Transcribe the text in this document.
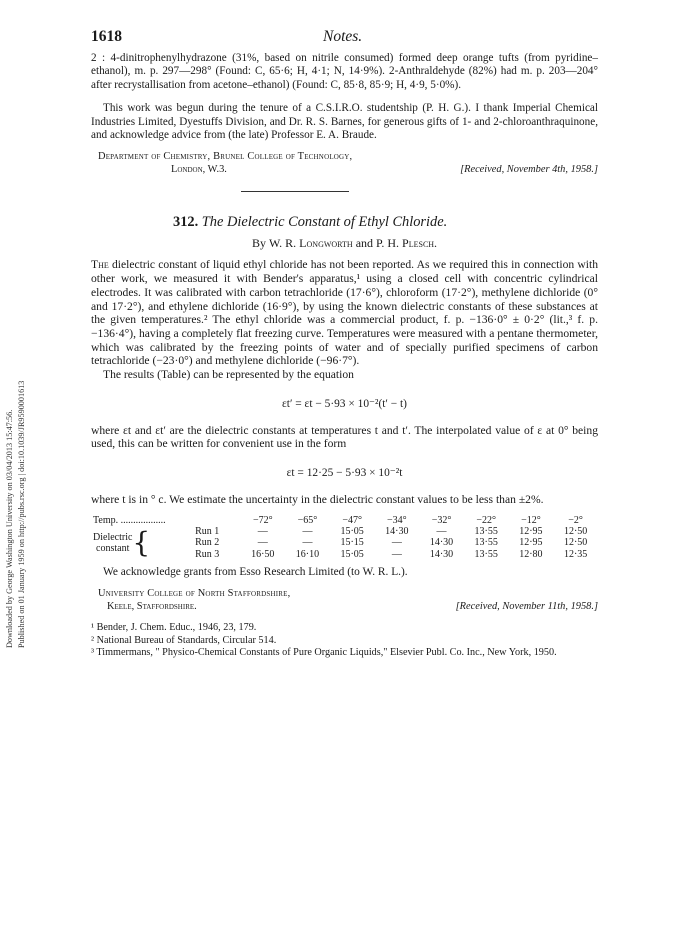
Downloaded by George Washington University on 03/04/2013 15:47:56. Published on 01 January 1959 on http://pubs.rsc.org | doi:10.1039/JR9590001613
1618	Notes.

2 : 4-dinitrophenylhydrazone (31%, based on nitrile consumed) formed deep orange tufts (from pyridine–ethanol), m. p. 297—298° (Found: C, 65·6; H, 4·1; N, 14·9%). 2-Anthraldehyde (82%) had m. p. 203—204° after recrystallisation from acetone–ethanol) (Found: C, 85·8, 85·9; H, 4·9, 5·0%).

This work was begun during the tenure of a C.S.I.R.O. studentship (P. H. G.). I thank Imperial Chemical Industries Limited, Dyestuffs Division, and Dr. R. S. Barnes, for generous gifts of 1- and 2-chloroanthraquinone, and acknowledge advice from (the late) Professor E. A. Braude.

Department of Chemistry, Brunel College of Technology,
London, W.3.	[Received, November 4th, 1958.]
312. The Dielectric Constant of Ethyl Chloride.
By W. R. Longworth and P. H. Plesch.

The dielectric constant of liquid ethyl chloride has not been reported. As we required this in connection with other work, we measured it with Bender's apparatus,¹ using a closed cell with concentric cylindrical electrodes. It was calibrated with carbon tetrachloride (17·6°), chloroform (17·2°), methylene dichloride (0° and 17·2°), and ethylene dichloride (16·9°), by using the known dielectric constants of these substances at the given temperatures.² The ethyl chloride was a commercial product, f. p. −136·0° ± 0·2° (lit.,³ f. p. −136·4°), having a completely flat freezing curve. Temperatures were measured with a pentane thermometer, which was calibrated by the freezing points of water and of specially purified specimens of carbon tetrachloride (−23·0°) and methylene dichloride (−96·7°).

The results (Table) can be represented by the equation

εt′ = εt − 5·93 × 10⁻²(t′ − t)

where εt and εt′ are the dielectric constants at temperatures t and t′. The interpolated value of ε at 0° being used, this can be written for convenient use in the form

εt = 12·25 − 5·93 × 10⁻²t

where t is in ° c. We estimate the uncertainty in the dielectric constant values to be less than ±2%.

Temp. ..................		−72°	−65°	−47°	−34°	−32°	−22°	−12°	−2°
Dielectric
constant {	Run 1	—	—	15·05	14·30	—	13·55	12·95	12·50
	Run 2	—	—	15·15	—	14·30	13·55	12·95	12·50
	Run 3	16·50	16·10	15·05	—	14·30	13·55	12·80	12·35

We acknowledge grants from Esso Research Limited (to W. R. L.).

University College of North Staffordshire,
Keele, Staffordshire.	[Received, November 11th, 1958.]

¹ Bender, J. Chem. Educ., 1946, 23, 179.

² National Bureau of Standards, Circular 514.

³ Timmermans, " Physico-Chemical Constants of Pure Organic Liquids," Elsevier Publ. Co. Inc., New York, 1950.
